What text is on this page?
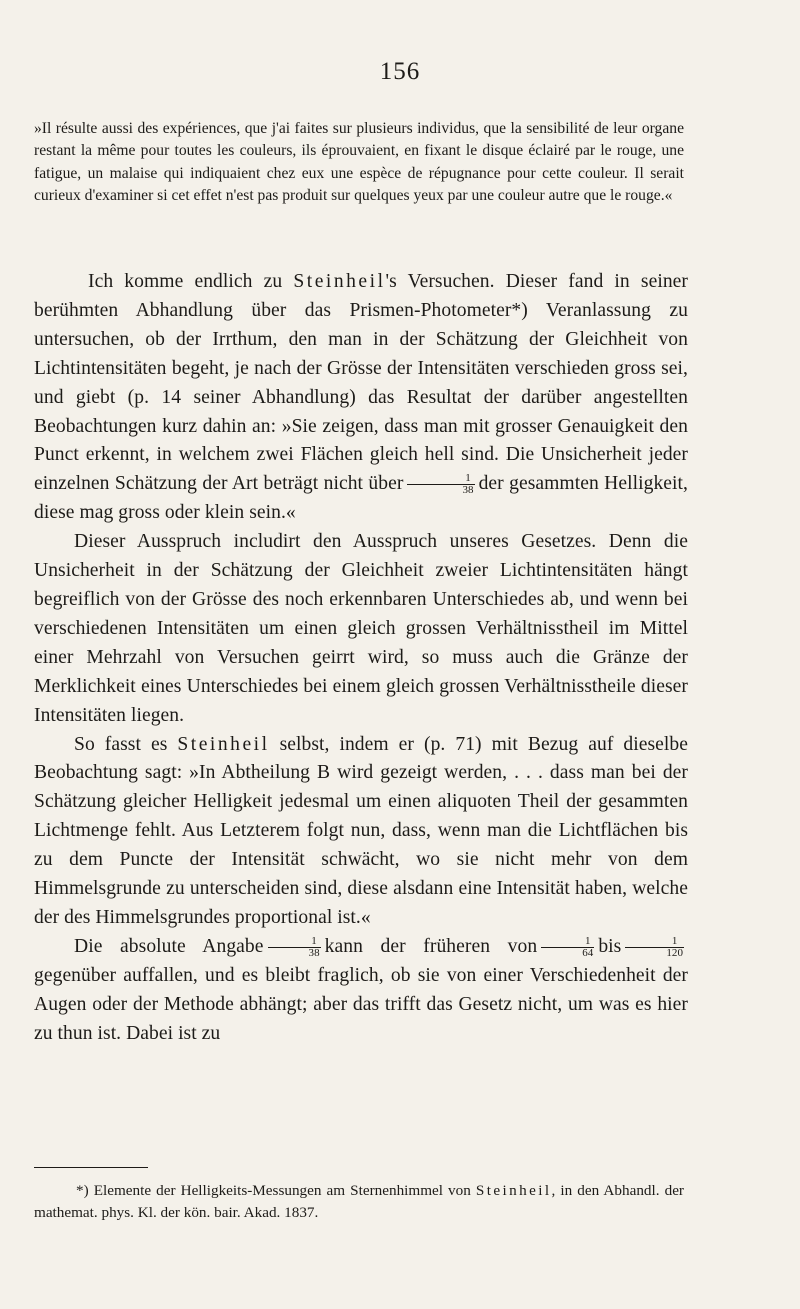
156

»Il résulte aussi des expériences, que j'ai faites sur plusieurs individus, que la sensibilité de leur organe restant la même pour toutes les couleurs, ils éprouvaient, en fixant le disque éclairé par le rouge, une fatigue, un malaise qui indiquaient chez eux une espèce de répugnance pour cette couleur. Il serait curieux d'examiner si cet effet n'est pas produit sur quelques yeux par une couleur autre que le rouge.«

Ich komme endlich zu Steinheil's Versuchen. Dieser fand in seiner berühmten Abhandlung über das Prismen-Photometer*) Veranlassung zu untersuchen, ob der Irrthum, den man in der Schätzung der Gleichheit von Lichtintensitäten begeht, je nach der Grösse der Intensitäten verschieden gross sei, und giebt (p. 14 seiner Abhandlung) das Resultat der darüber angestellten Beobachtungen kurz dahin an: »Sie zeigen, dass man mit grosser Genauigkeit den Punct erkennt, in welchem zwei Flächen gleich hell sind. Die Unsicherheit jeder einzelnen Schätzung der Art beträgt nicht über $\frac{1}{38}$ der gesammten Helligkeit, diese mag gross oder klein sein.«

Dieser Ausspruch includirt den Ausspruch unseres Gesetzes. Denn die Unsicherheit in der Schätzung der Gleichheit zweier Lichtintensitäten hängt begreiflich von der Grösse des noch erkennbaren Unterschiedes ab, und wenn bei verschiedenen Intensitäten um einen gleich grossen Verhältnisstheil im Mittel einer Mehrzahl von Versuchen geirrt wird, so muss auch die Gränze der Merklichkeit eines Unterschiedes bei einem gleich grossen Verhältnisstheile dieser Intensitäten liegen.

So fasst es Steinheil selbst, indem er (p. 71) mit Bezug auf dieselbe Beobachtung sagt: »In Abtheilung B wird gezeigt werden, . . . dass man bei der Schätzung gleicher Helligkeit jedesmal um einen aliquoten Theil der gesammten Lichtmenge fehlt. Aus Letzterem folgt nun, dass, wenn man die Lichtflächen bis zu dem Puncte der Intensität schwächt, wo sie nicht mehr von dem Himmelsgrunde zu unterscheiden sind, diese alsdann eine Intensität haben, welche der des Himmelsgrundes proportional ist.«

Die absolute Angabe $\frac{1}{38}$ kann der früheren von $\frac{1}{64}$ bis $\frac{1}{120}$
gegenüber auffallen, und es bleibt fraglich, ob sie von einer Verschiedenheit der Augen oder der Methode abhängt; aber das trifft das Gesetz nicht, um was es hier zu thun ist. Dabei ist zu

*) Elemente der Helligkeits-Messungen am Sternenhimmel von Steinheil, in den Abhandl. der mathemat. phys. Kl. der kön. bair. Akad. 1837.
